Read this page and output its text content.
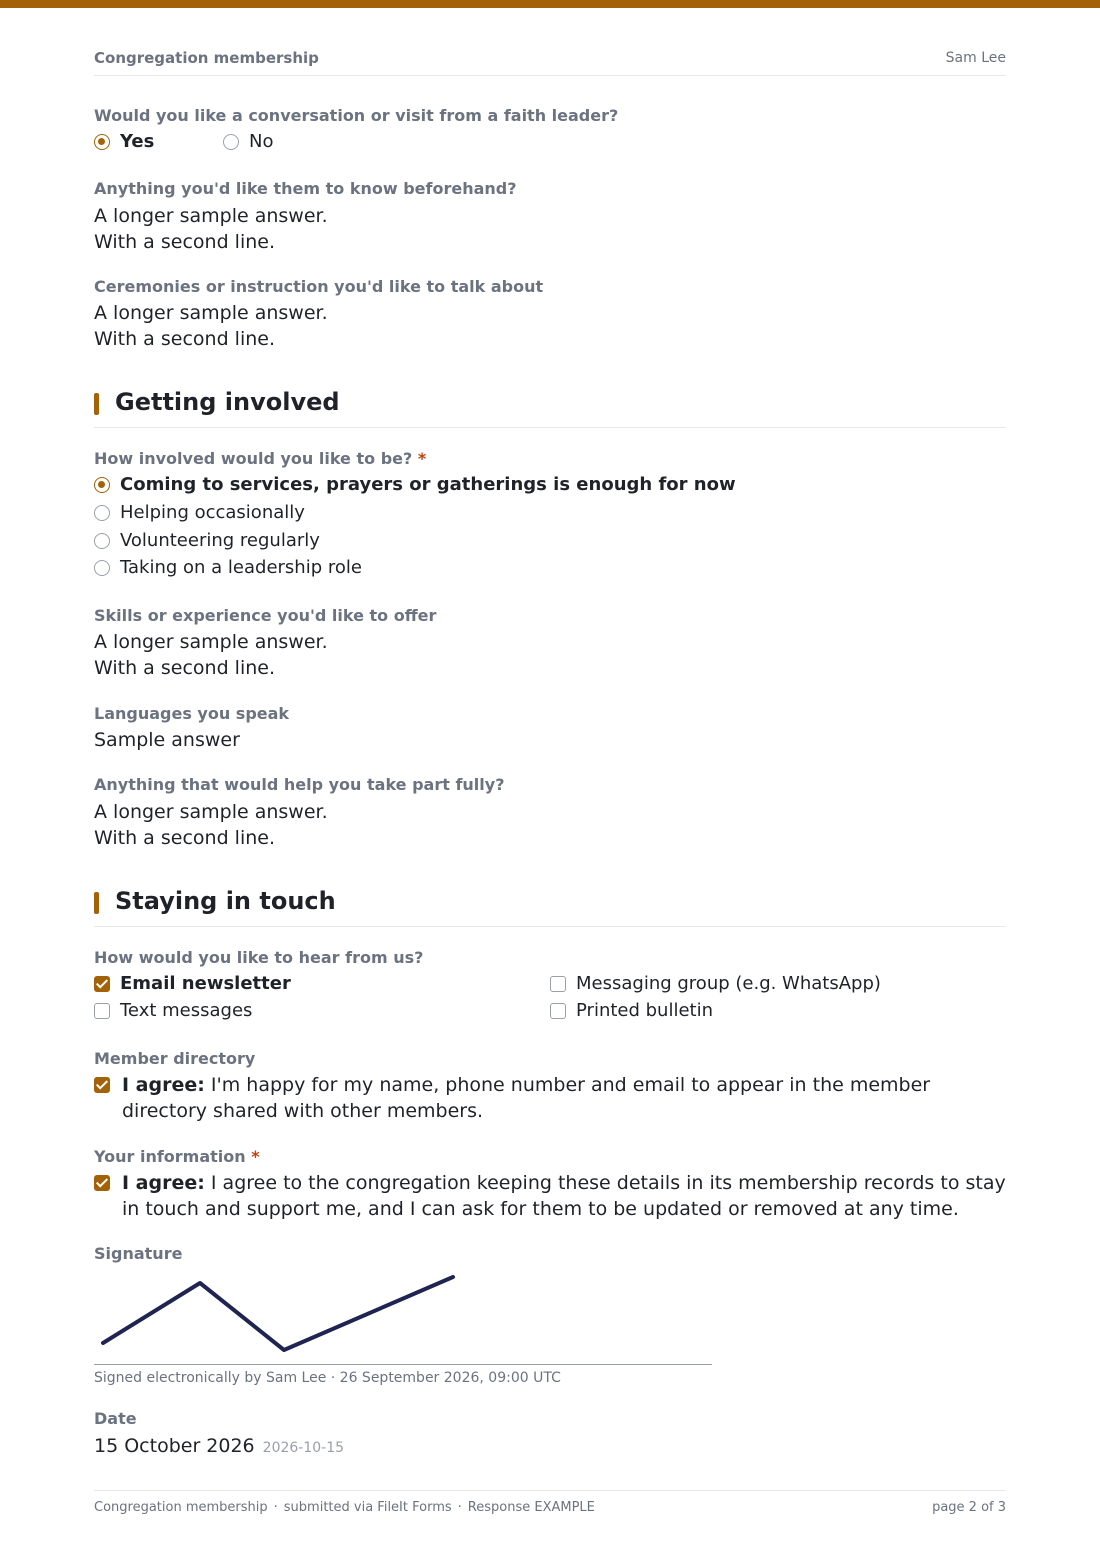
Congregation membership	Sam Lee
Would you like a conversation or visit from a faith leader?
Yes	No
Anything you'd like them to know beforehand?
A longer sample answer.
With a second line.
Ceremonies or instruction you'd like to talk about
A longer sample answer.
With a second line.
Getting involved
How involved would you like to be? *
Coming to services, prayers or gatherings is enough for now
Helping occasionally
Volunteering regularly
Taking on a leadership role
Skills or experience you'd like to offer
A longer sample answer.
With a second line.
Languages you speak
Sample answer
Anything that would help you take part fully?
A longer sample answer.
With a second line.
Staying in touch
How would you like to hear from us?
Email newsletter
Text messages
Messaging group (e.g. WhatsApp)
Printed bulletin
Member directory
I agree: I'm happy for my name, phone number and email to appear in the member directory shared with other members.
Your information *
I agree: I agree to the congregation keeping these details in its membership records to stay in touch and support me, and I can ask for them to be updated or removed at any time.
Signature
Signed electronically by Sam Lee · 26 September 2026, 09:00 UTC
Date
15 October 2026 2026-10-15
Congregation membership · submitted via FileIt Forms · Response EXAMPLE	page 2 of 3
